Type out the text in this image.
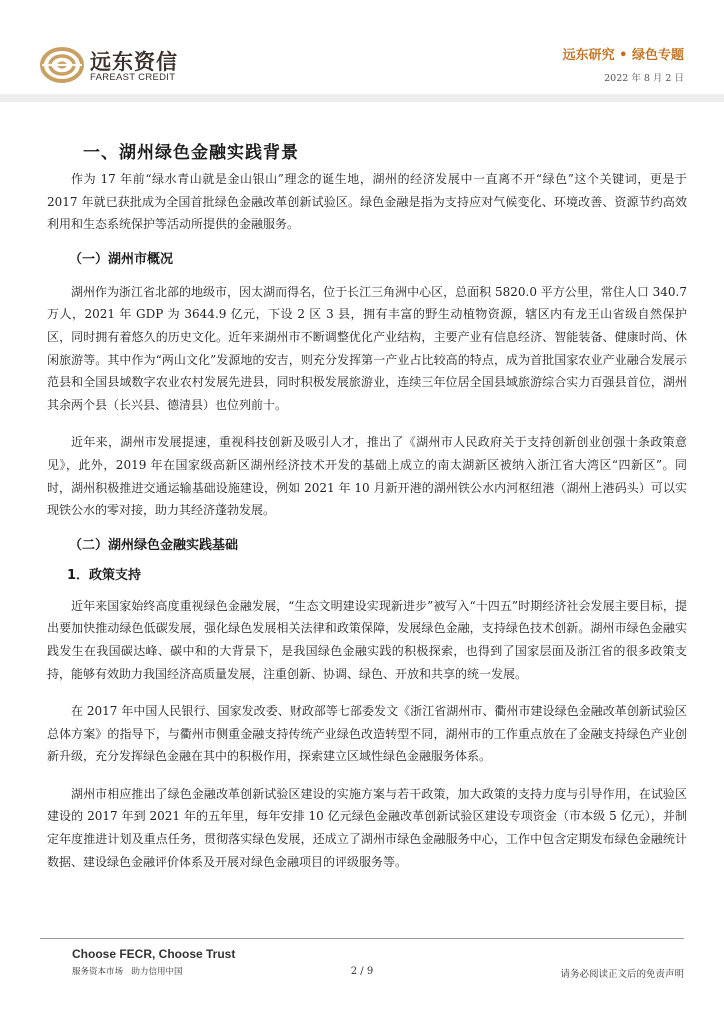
远东资信
FAREAST CREDIT
远东研究 • 绿色专题
2022 年 8 月 2 日
一、湖州绿色金融实践背景

作为 17 年前“绿水青山就是金山银山”理念的诞生地，湖州的经济发展中一直离不开“绿色”这个关键词，更是于 2017 年就已获批成为全国首批绿色金融改革创新试验区。绿色金融是指为支持应对气候变化、环境改善、资源节约高效利用和生态系统保护等活动所提供的金融服务。

（一）湖州市概况

湖州作为浙江省北部的地级市，因太湖而得名，位于长江三角洲中心区，总面积 5820.0 平方公里，常住人口 340.7 万人，2021 年 GDP 为 3644.9 亿元，下设 2 区 3 县，拥有丰富的野生动植物资源，辖区内有龙王山省级自然保护区，同时拥有着悠久的历史文化。近年来湖州市不断调整优化产业结构，主要产业有信息经济、智能装备、健康时尚、休闲旅游等。其中作为“两山文化”发源地的安吉，则充分发挥第一产业占比较高的特点，成为首批国家农业产业融合发展示范县和全国县域数字农业农村发展先进县，同时积极发展旅游业，连续三年位居全国县域旅游综合实力百强县首位，湖州其余两个县（长兴县、德清县）也位列前十。

近年来，湖州市发展提速，重视科技创新及吸引人才，推出了《湖州市人民政府关于支持创新创业创强十条政策意见》，此外，2019 年在国家级高新区湖州经济技术开发的基础上成立的南太湖新区被纳入浙江省大湾区“四新区”。同时，湖州积极推进交通运输基础设施建设，例如 2021 年 10 月新开港的湖州铁公水内河枢纽港（湖州上港码头）可以实现铁公水的零对接，助力其经济蓬勃发展。

（二）湖州绿色金融实践基础
1．政策支持

近年来国家始终高度重视绿色金融发展，“生态文明建设实现新进步”被写入“十四五”时期经济社会发展主要目标，提出要加快推动绿色低碳发展，强化绿色发展相关法律和政策保障，发展绿色金融，支持绿色技术创新。湖州市绿色金融实践发生在我国碳达峰、碳中和的大背景下，是我国绿色金融实践的积极探索，也得到了国家层面及浙江省的很多政策支持，能够有效助力我国经济高质量发展，注重创新、协调、绿色、开放和共享的统一发展。

在 2017 年中国人民银行、国家发改委、财政部等七部委发文《浙江省湖州市、衢州市建设绿色金融改革创新试验区总体方案》的指导下，与衢州市侧重金融支持传统产业绿色改造转型不同，湖州市的工作重点放在了金融支持绿色产业创新升级，充分发挥绿色金融在其中的积极作用，探索建立区域性绿色金融服务体系。

湖州市相应推出了绿色金融改革创新试验区建设的实施方案与若干政策，加大政策的支持力度与引导作用，在试验区建设的 2017 年到 2021 年的五年里，每年安排 10 亿元绿色金融改革创新试验区建设专项资金（市本级 5 亿元），并制定年度推进计划及重点任务，贯彻落实绿色发展，还成立了湖州市绿色金融服务中心，工作中包含定期发布绿色金融统计数据、建设绿色金融评价体系及开展对绿色金融项目的评级服务等。

Choose FECR, Choose Trust
服务资本市场　助力信用中国	2 / 9	请务必阅读正文后的免责声明
